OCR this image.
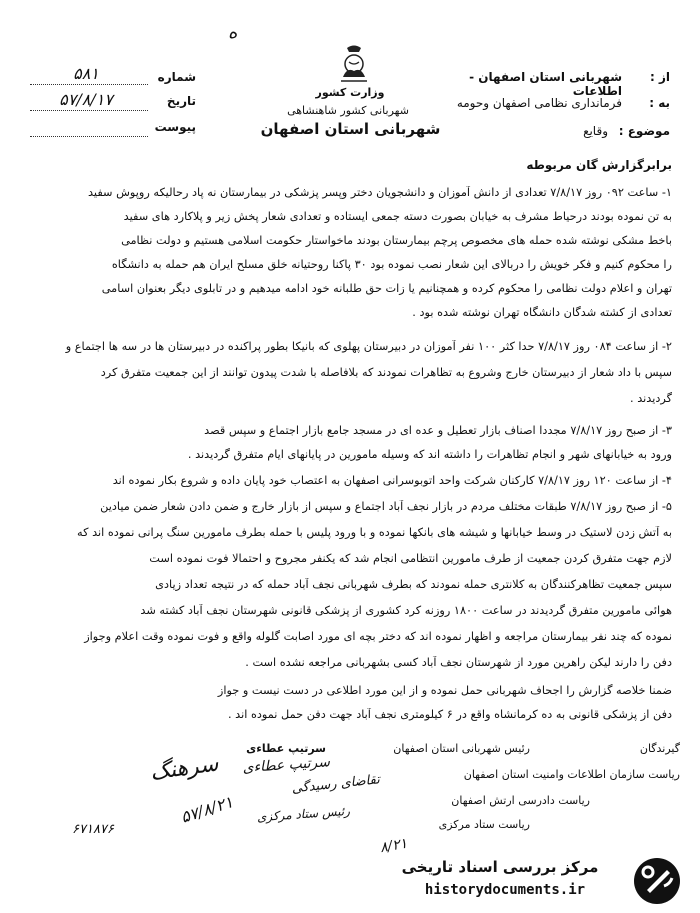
ه
وزارت کشور
شهربانی کشور شاهنشاهی
شهربانی استان اصفهان
شماره
۵۸۱
تاریخ
۵۷/۸/۱۷
پیوست
از :
شهربانی استان اصفهان - اطلاعات
به :
فرمانداری نظامی اصفهان وحومه
موضوع :
وقایع
برابرگزارش گان مربوطه
۱- ساعت ۰۹۲ روز ۷/۸/۱۷ تعدادی از دانش آموزان و دانشجویان دختر وپسر پزشکی در بیمارستان نه پاد رحالیکه روپوش سفید
به تن نموده بودند درحیاط مشرف به خیابان بصورت دسته جمعی ایستاده و تعدادی شعار پخش زیر و پلاکارد های سفید
باخط مشکی نوشته شده حمله های مخصوص پرچم بیمارستان بودند ماخواستار حکومت اسلامی هستیم و دولت نظامی
را محکوم کنیم و فکر خویش را دربالای این شعار نصب نموده بود ۳۰ پاکنا روحتیانه خلق مسلح ایران هم حمله به دانشگاه
تهران و اعلام دولت نظامی را محکوم کرده و همچنانیم یا زات حق طلبانه خود ادامه میدهیم و در تابلوی دیگر بعنوان اسامی
تعدادی از کشته شدگان دانشگاه تهران نوشته شده بود .
۲- از ساعت ۰۸۴ روز ۷/۸/۱۷ حدا کثر ۱۰۰ نفر آموزان در دبیرستان پهلوی که بانیکا بطور پراکنده در دبیرستان ها در سه ها اجتماع و
سپس با داد شعار از دبیرستان خارج وشروع به تظاهرات نمودند که بلافاصله با شدت پیدون توانند از این جمعیت متفرق کرد
گردیدند .
۳- از صبح روز ۷/۸/۱۷ مجددا اصناف بازار تعطیل و عده ای در مسجد جامع بازار اجتماع و سپس قصد
ورود به خیابانهای شهر و انجام تظاهرات را داشته اند که وسیله مامورین در پایانهای ایام متفرق گردیدند .
۴- از ساعت ۱۲۰ روز ۷/۸/۱۷ کارکنان شرکت واحد اتوبوسرانی اصفهان به اعتصاب خود پایان داده و شروع بکار نموده اند
۵- از صبح روز ۷/۸/۱۷ طبقات مختلف مردم در بازار نجف آباد اجتماع و سپس از بازار خارج و ضمن دادن شعار ضمن میادین
به آتش زدن لاستیک در وسط خیابانها و شیشه های بانکها نموده و با ورود پلیس با حمله بطرف مامورین سنگ پرانی نموده اند که
لازم جهت متفرق کردن جمعیت از طرف مامورین انتظامی انجام شد که یکنفر مجروح و احتمالا فوت نموده است
سپس جمعیت تظاهرکنندگان به کلانتری حمله نمودند که بطرف شهربانی نجف آباد حمله که در نتیجه تعداد زیادی
هوائی مامورین متفرق گردیدند در ساعت ۱۸۰۰ روزنه کرد کشوری از پزشکی قانونی شهرستان نجف آباد کشته شد
نموده که چند نفر بیمارستان مراجعه و اظهار نموده اند که دختر بچه ای مورد اصابت گلوله واقع و فوت نموده وقت اعلام وجواز
دفن را دارند لیکن راهرین مورد از شهرستان نجف آباد کسی بشهربانی مراجعه نشده است .
ضمنا خلاصه گزارش را اجحاف شهربانی حمل نموده و از این مورد اطلاعی در دست نیست و جواز
دفن از پزشکی قانونی به ده کرمانشاه واقع در ۶ کیلومتری نجف آباد جهت دفن حمل نموده اند .
گیرندگان
رئیس شهربانی استان اصفهان
سرتیپ عطاءی
ریاست سازمان اطلاعات وامنیت استان اصفهان
ریاست دادرسی ارتش اصفهان
ریاست ستاد مرکزی
سرهنگ	سرتیپ عطاءی
۵۷/۸/۲۱
۶۷۱۸۷۶
تقاضای رسیدگی
رئیس ستاد مرکزی
۸/۲۱
مرکز بررسی اسناد تاریخی
historydocuments.ir
